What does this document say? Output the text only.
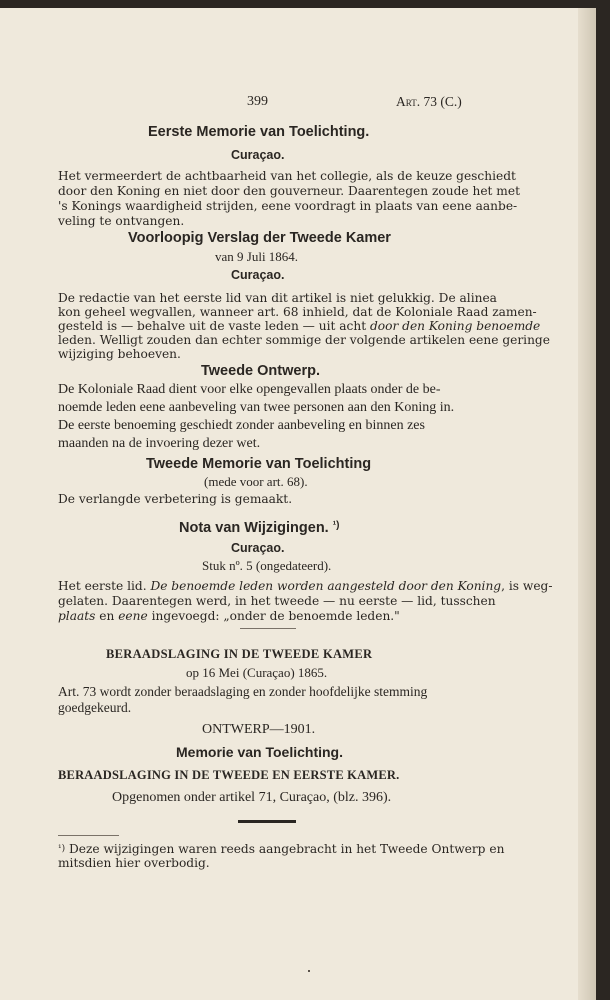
399	Art. 73 (C.)
Eerste Memorie van Toelichting.
Curaçao.
Het vermeerdert de achtbaarheid van het collegie, als de keuze geschiedt
door den Koning en niet door den gouverneur. Daarentegen zoude het met
's Konings waardigheid strijden, eene voordragt in plaats van eene aanbe-
veling te ontvangen.
Voorloopig Verslag der Tweede Kamer
van 9 Juli 1864.
Curaçao.
De redactie van het eerste lid van dit artikel is niet gelukkig. De alinea
kon geheel wegvallen, wanneer art. 68 inhield, dat de Koloniale Raad zamen-
gesteld is — behalve uit de vaste leden — uit acht door den Koning benoemde
leden. Welligt zouden dan echter sommige der volgende artikelen eene geringe
wijziging behoeven.
Tweede Ontwerp.
De Koloniale Raad dient voor elke opengevallen plaats onder de be-
noemde leden eene aanbeveling van twee personen aan den Koning in.
De eerste benoeming geschiedt zonder aanbeveling en binnen zes
maanden na de invoering dezer wet.
Tweede Memorie van Toelichting
(mede voor art. 68).
De verlangde verbetering is gemaakt.
Nota van Wijzigingen. $^{^1)}$
Curaçao.
Stuk nº. 5 (ongedateerd).
Het eerste lid. De benoemde leden worden aangesteld door den Koning, is weg-
gelaten. Daarentegen werd, in het tweede — nu eerste — lid, tusschen
plaats en eene ingevoegd: „onder de benoemde leden."
BERAADSLAGING IN DE TWEEDE KAMER
op 16 Mei (Curaçao) 1865.
Art. 73 wordt zonder beraadslaging en zonder hoofdelijke stemming
goedgekeurd.
ONTWERP—1901.
Memorie van Toelichting.
BERAADSLAGING IN DE TWEEDE EN EERSTE KAMER.
Opgenomen onder artikel 71, Curaçao, (blz. 396).
$^{^1)}$ Deze wijzigingen waren reeds aangebracht in het Tweede Ontwerp en
mitsdien hier overbodig.
